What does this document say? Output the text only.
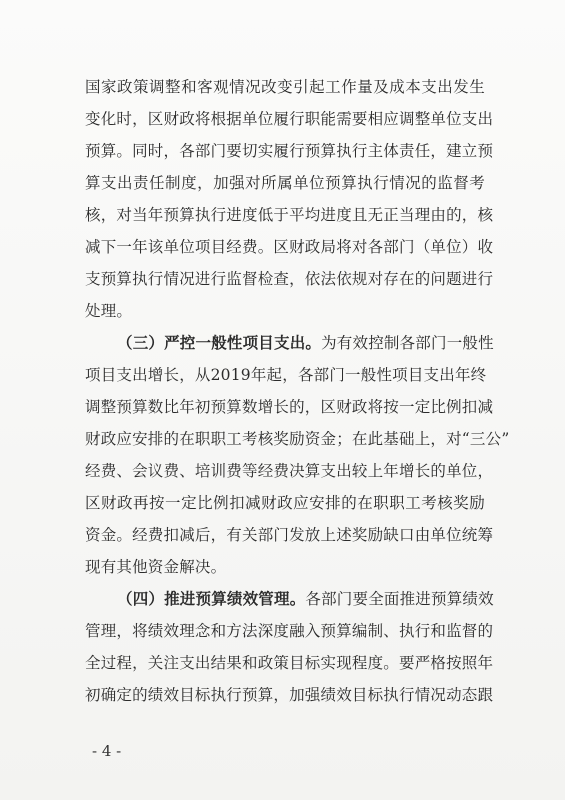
国家政策调整和客观情况改变引起工作量及成本支出发生
变化时，区财政将根据单位履行职能需要相应调整单位支出
预算。同时，各部门要切实履行预算执行主体责任，建立预
算支出责任制度，加强对所属单位预算执行情况的监督考
核，对当年预算执行进度低于平均进度且无正当理由的，核
减下一年该单位项目经费。区财政局将对各部门（单位）收
支预算执行情况进行监督检查，依法依规对存在的问题进行
处理。
（三）严控一般性项目支出。为有效控制各部门一般性
项目支出增长，从2019年起，各部门一般性项目支出年终
调整预算数比年初预算数增长的，区财政将按一定比例扣减
财政应安排的在职职工考核奖励资金；在此基础上，对“三公”
经费、会议费、培训费等经费决算支出较上年增长的单位，
区财政再按一定比例扣减财政应安排的在职职工考核奖励
资金。经费扣减后，有关部门发放上述奖励缺口由单位统筹
现有其他资金解决。
（四）推进预算绩效管理。各部门要全面推进预算绩效
管理，将绩效理念和方法深度融入预算编制、执行和监督的
全过程，关注支出结果和政策目标实现程度。要严格按照年
初确定的绩效目标执行预算，加强绩效目标执行情况动态跟
- 4 -
